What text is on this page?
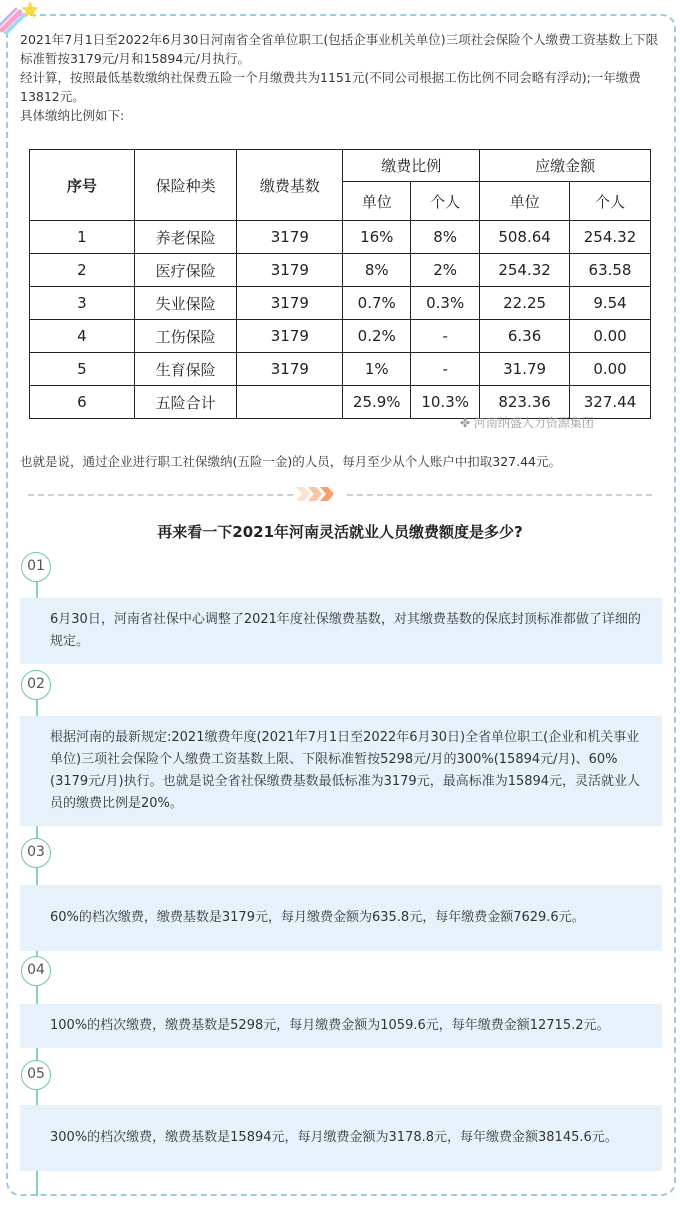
2021年7月1日至2022年6月30日河南省全省单位职工(包括企事业机关单位)三项社会保险个人缴费工资基数上下限标准暂按3179元/月和15894元/月执行。

经计算，按照最低基数缴纳社保费五险一个月缴费共为1151元(不同公司根据工伤比例不同会略有浮动);一年缴费13812元。

具体缴纳比例如下:

序号	保险种类	缴费基数	缴费比例		应缴金额	
			单位	个人	单位	个人
1	养老保险	3179	16%	8%	508.64	254.32
2	医疗保险	3179	8%	2%	254.32	63.58
3	失业保险	3179	0.7%	0.3%	22.25	9.54
4	工伤保险	3179	0.2%	-	6.36	0.00
5	生育保险	3179	1%	-	31.79	0.00
6	五险合计		25.9%	10.3%	823.36	327.44
✤ 河南纳盛人力资源集团
也就是说，通过企业进行职工社保缴纳(五险一金)的人员，每月至少从个人账户中扣取327.44元。
再来看一下2021年河南灵活就业人员缴费额度是多少?
6月30日，河南省社保中心调整了2021年度社保缴费基数，对其缴费基数的保底封顶标准都做了详细的规定。
根据河南的最新规定:2021缴费年度(2021年7月1日至2022年6月30日)全省单位职工(企业和机关事业单位)三项社会保险个人缴费工资基数上限、下限标准暂按5298元/月的300%(15894元/月)、60%(3179元/月)执行。也就是说全省社保缴费基数最低标准为3179元，最高标准为15894元，灵活就业人员的缴费比例是20%。
60%的档次缴费，缴费基数是3179元，每月缴费金额为635.8元，每年缴费金额7629.6元。
100%的档次缴费，缴费基数是5298元，每月缴费金额为1059.6元，每年缴费金额12715.2元。
300%的档次缴费，缴费基数是15894元，每月缴费金额为3178.8元，每年缴费金额38145.6元。
01
02
03
04
05
